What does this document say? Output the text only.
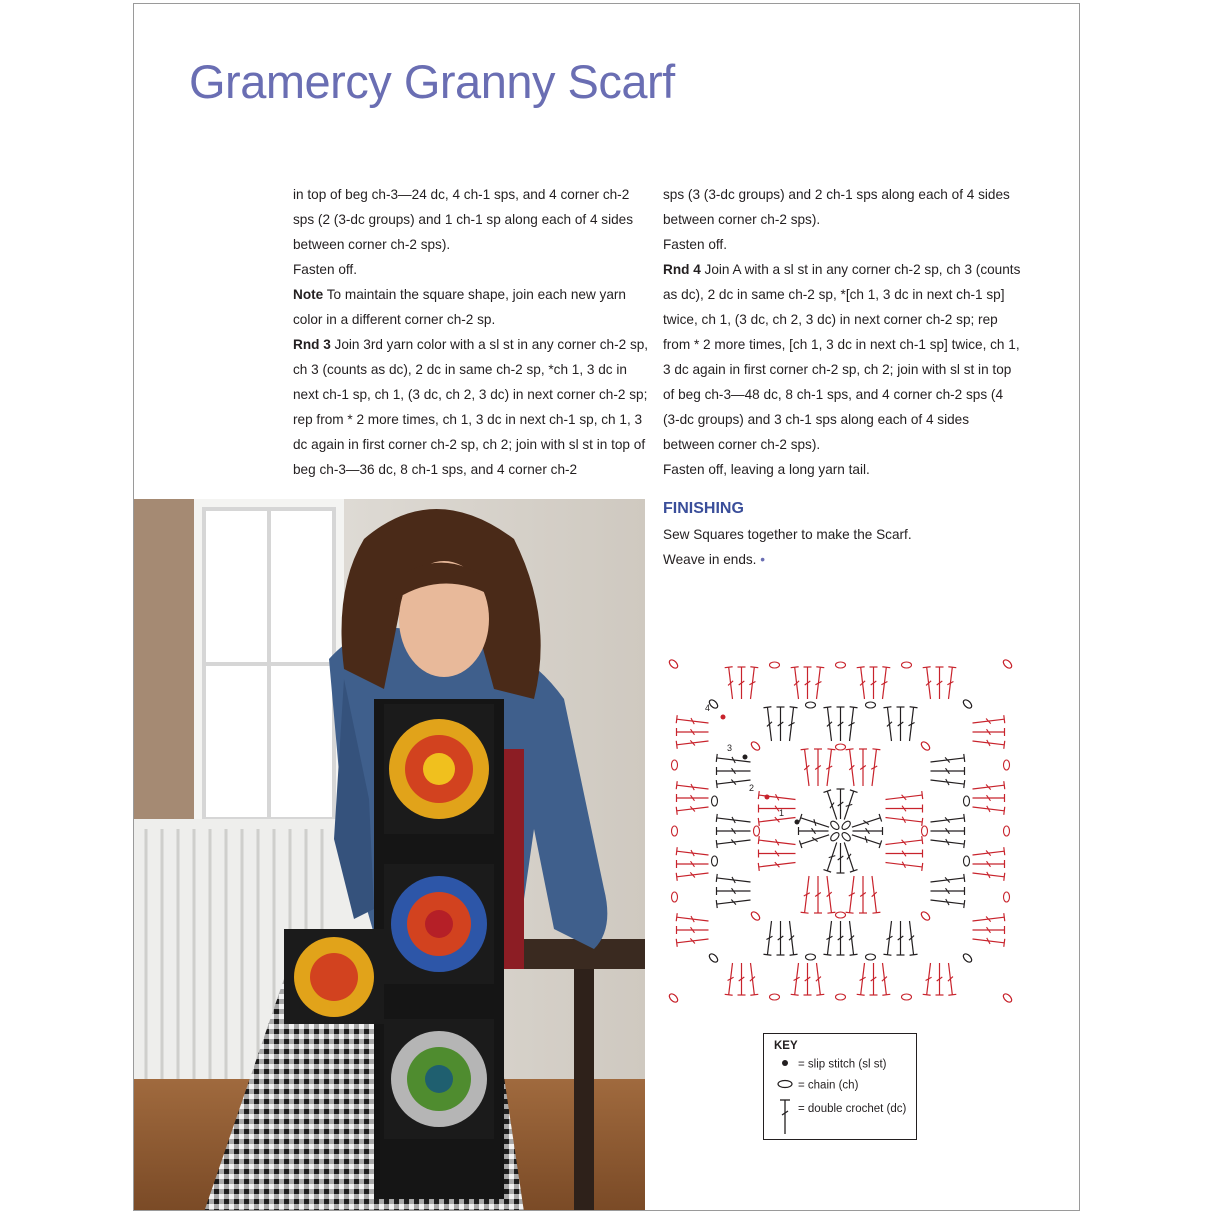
Gramercy Granny Scarf

in top of beg ch-3—24 dc, 4 ch-1 sps, and 4 corner ch-2 sps (2 (3-dc groups) and 1 ch-1 sp along each of 4 sides between corner ch-2 sps).

Fasten off.

Note To maintain the square shape, join each new yarn color in a different corner ch-2 sp.

Rnd 3 Join 3rd yarn color with a sl st in any corner ch-2 sp, ch 3 (counts as dc), 2 dc in same ch-2 sp, *ch 1, 3 dc in next ch-1 sp, ch 1, (3 dc, ch 2, 3 dc) in next corner ch-2 sp; rep from * 2 more times, ch 1, 3 dc in next ch-1 sp, ch 1, 3 dc again in first corner ch-2 sp, ch 2; join with sl st in top of beg ch-3—36 dc, 8 ch-1 sps, and 4 corner ch-2

sps (3 (3-dc groups) and 2 ch-1 sps along each of 4 sides between corner ch-2 sps).

Fasten off.

Rnd 4 Join A with a sl st in any corner ch-2 sp, ch 3 (counts as dc), 2 dc in same ch-2 sp, *[ch 1, 3 dc in next ch-1 sp] twice, ch 1, (3 dc, ch 2, 3 dc) in next corner ch-2 sp; rep from * 2 more times, [ch 1, 3 dc in next ch-1 sp] twice, ch 1, 3 dc again in first corner ch-2 sp, ch 2; join with sl st in top of beg ch-3—48 dc, 8 ch-1 sps, and 4 corner ch-2 sps (4 (3-dc groups) and 3 ch-1 sps along each of 4 sides between corner ch-2 sps).

Fasten off, leaving a long yarn tail.

FINISHING

Sew Squares together to make the Scarf.

Weave in ends. •

1
2
3
4
KEY
= slip stitch (sl st)
= chain (ch)
= double crochet (dc)
